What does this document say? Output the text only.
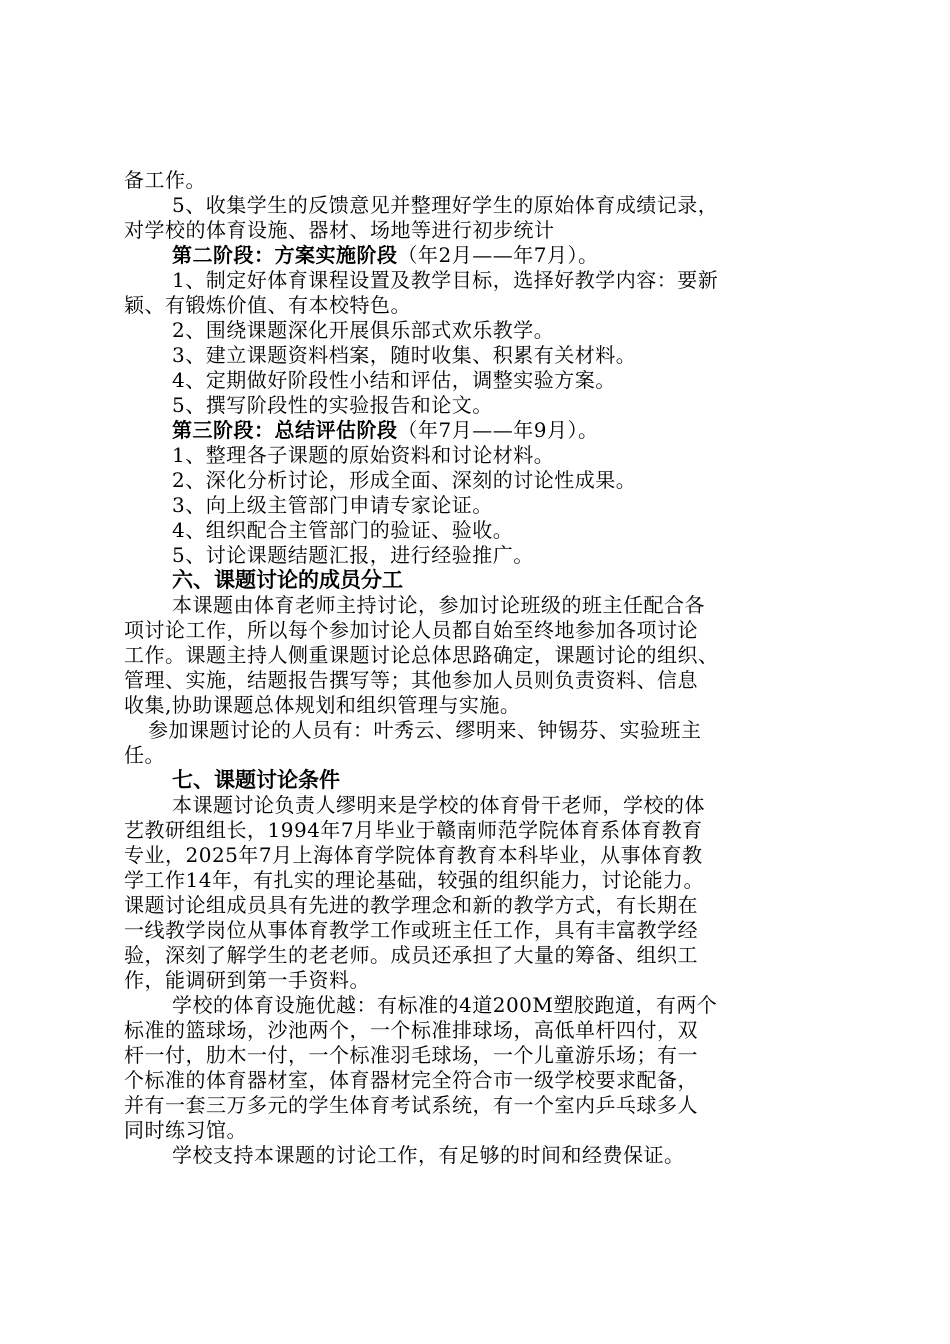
备工作。

5、收集学生的反馈意见并整理好学生的原始体育成绩记录，

对学校的体育设施、器材、场地等进行初步统计

第二阶段：方案实施阶段（年2月——年7月）。

1、制定好体育课程设置及教学目标，选择好教学内容：要新

颖、有锻炼价值、有本校特色。

2、围绕课题深化开展俱乐部式欢乐教学。

3、建立课题资料档案，随时收集、积累有关材料。

4、定期做好阶段性小结和评估，调整实验方案。

5、撰写阶段性的实验报告和论文。

第三阶段：总结评估阶段（年7月——年9月）。

1、整理各子课题的原始资料和讨论材料。

2、深化分析讨论，形成全面、深刻的讨论性成果。

3、向上级主管部门申请专家论证。

4、组织配合主管部门的验证、验收。

5、讨论课题结题汇报，进行经验推广。

六、课题讨论的成员分工

本课题由体育老师主持讨论，参加讨论班级的班主任配合各

项讨论工作，所以每个参加讨论人员都自始至终地参加各项讨论

工作。课题主持人侧重课题讨论总体思路确定，课题讨论的组织、

管理、实施，结题报告撰写等；其他参加人员则负责资料、信息

收集,协助课题总体规划和组织管理与实施。

参加课题讨论的人员有：叶秀云、缪明来、钟锡芬、实验班主

任。

七、课题讨论条件

本课题讨论负责人缪明来是学校的体育骨干老师，学校的体

艺教研组组长，1994年7月毕业于赣南师范学院体育系体育教育

专业，2025年7月上海体育学院体育教育本科毕业，从事体育教

学工作14年，有扎实的理论基础，较强的组织能力，讨论能力。

课题讨论组成员具有先进的教学理念和新的教学方式，有长期在

一线教学岗位从事体育教学工作或班主任工作，具有丰富教学经

验，深刻了解学生的老老师。成员还承担了大量的筹备、组织工

作，能调研到第一手资料。

学校的体育设施优越：有标准的4道200M塑胶跑道，有两个

标准的篮球场，沙池两个，一个标准排球场，高低单杆四付，双

杆一付，肋木一付，一个标准羽毛球场，一个儿童游乐场；有一

个标准的体育器材室，体育器材完全符合市一级学校要求配备，

并有一套三万多元的学生体育考试系统，有一个室内乒乓球多人

同时练习馆。

学校支持本课题的讨论工作，有足够的时间和经费保证。
